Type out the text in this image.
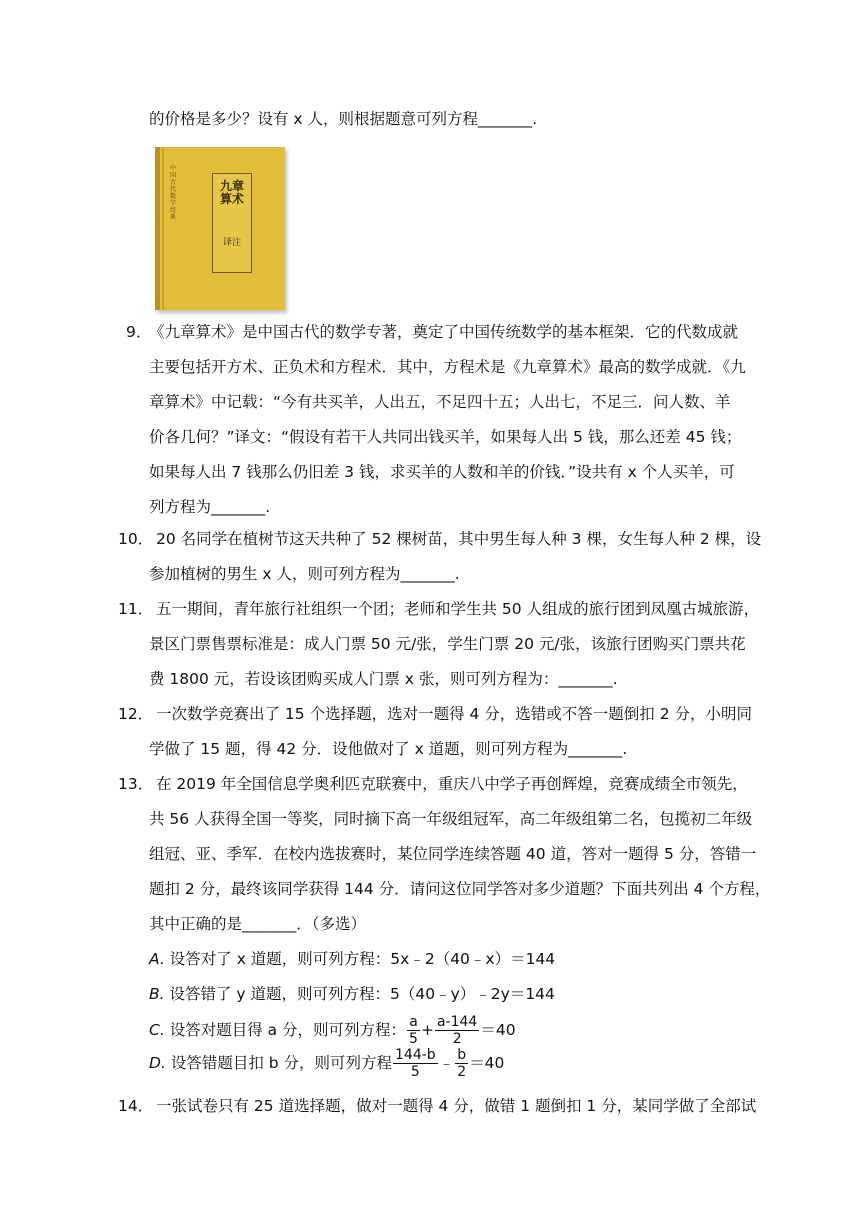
的价格是多少？设有 x 人，则根据题意可列方程_______.
中国古代数学经典
九章算术
译注
9．
《九章算术》是中国古代的数学专著，奠定了中国传统数学的基本框架．它的代数成就
主要包括开方术、正负术和方程术．其中，方程术是《九章算术》最高的数学成就．《九
章算术》中记载：“今有共买羊，人出五，不足四十五；人出七，不足三．问人数、羊
价各几何？”译文：“假设有若干人共同出钱买羊，如果每人出 5 钱，那么还差 45 钱；
如果每人出 7 钱那么仍旧差 3 钱，求买羊的人数和羊的价钱．”设共有 x 个人买羊，可
列方程为_______.
10． 20 名同学在植树节这天共种了 52 棵树苗，其中男生每人种 3 棵，女生每人种 2 棵，设
参加植树的男生 x 人，则可列方程为_______.
11． 五一期间，青年旅行社组织一个团；老师和学生共 50 人组成的旅行团到凤凰古城旅游，
景区门票售票标准是：成人门票 50 元/张，学生门票 20 元/张，该旅行团购买门票共花
费 1800 元，若设该团购买成人门票 x 张，则可列方程为：_______.
12． 一次数学竞赛出了 15 个选择题，选对一题得 4 分，选错或不答一题倒扣 2 分，小明同
学做了 15 题，得 42 分．设他做对了 x 道题，则可列方程为_______.
13． 在 2019 年全国信息学奥利匹克联赛中，重庆八中学子再创辉煌，竞赛成绩全市领先，
共 56 人获得全国一等奖，同时摘下高一年级组冠军，高二年级组第二名，包揽初二年级
组冠、亚、季军．在校内选拔赛时，某位同学连续答题 40 道，答对一题得 5 分，答错一
题扣 2 分，最终该同学获得 144 分．请问这位同学答对多少道题？下面共列出 4 个方程，
其中正确的是_______．（多选）
A. 设答对了 x 道题，则可列方程：5x﹣2（40﹣x）＝144
B. 设答错了 y 道题，则可列方程：5（40﹣y）﹣2y＝144
C. 设答对题目得 a 分，则可列方程： $\frac{a}{5} + \frac{a-144}{2} =40$
D. 设答错题目扣 b 分，则可列方程 $\frac{144-b}{5}$ ﹣ $\frac{b}{2} =40$
14． 一张试卷只有 25 道选择题，做对一题得 4 分，做错 1 题倒扣 1 分，某同学做了全部试
